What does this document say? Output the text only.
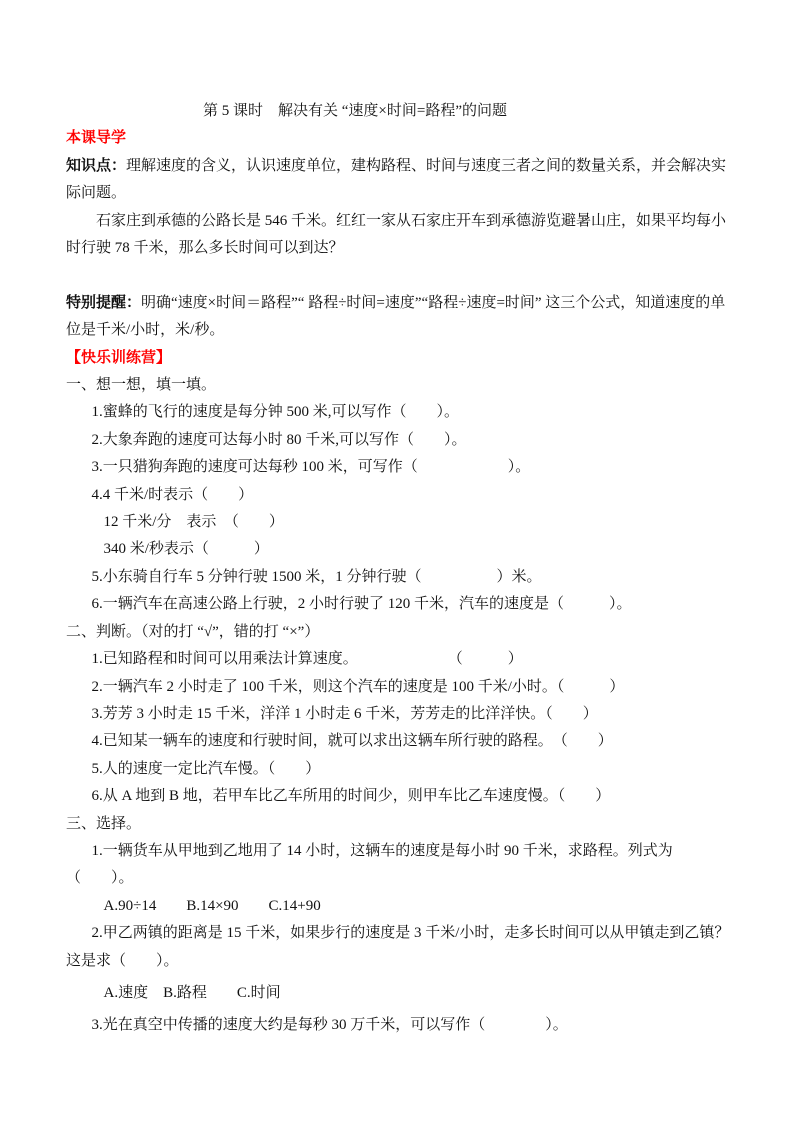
第 5 课时　解决有关 “速度×时间=路程”的问题
本课导学
知识点：理解速度的含义，认识速度单位，建构路程、时间与速度三者之间的数量关系，并会解决实际问题。
石家庄到承德的公路长是 546 千米。红红一家从石家庄开车到承德游览避暑山庄，如果平均每小时行驶 78 千米，那么多长时间可以到达？
特别提醒：明确“速度×时间＝路程”“ 路程÷时间=速度”“路程÷速度=时间” 这三个公式，知道速度的单位是千米/小时，米/秒。
【快乐训练营】
一、想一想，填一填。
1.蜜蜂的飞行的速度是每分钟 500 米,可以写作（　　）。
2.大象奔跑的速度可达每小时 80 千米,可以写作（　　）。
3.一只猎狗奔跑的速度可达每秒 100 米，可写作（　　　　　　）。
4.4 千米/时表示（　　）
12 千米/分　表示　（　　）
340 米/秒表示（　　　）
5.小东骑自行车 5 分钟行驶 1500 米，1 分钟行驶（　　　　　）米。
6.一辆汽车在高速公路上行驶，2 小时行驶了 120 千米，汽车的速度是（　　　）。
二、判断。（对的打 “√”，错的打 “×”）
1.已知路程和时间可以用乘法计算速度。　　　　　　　（　　　）
2.一辆汽车 2 小时走了 100 千米，则这个汽车的速度是 100 千米/小时。（　　　）
3.芳芳 3 小时走 15 千米，洋洋 1 小时走 6 千米，芳芳走的比洋洋快。（　　）
4.已知某一辆车的速度和行驶时间，就可以求出这辆车所行驶的路程。　（　　）
5.人的速度一定比汽车慢。（　　）
6.从 A 地到 B 地，若甲车比乙车所用的时间少，则甲车比乙车速度慢。（　　）
三、选择。
1.一辆货车从甲地到乙地用了 14 小时，这辆车的速度是每小时 90 千米，求路程。列式为（　　）。
A.90÷14　　B.14×90　　C.14+90
2.甲乙两镇的距离是 15 千米，如果步行的速度是 3 千米/小时，走多长时间可以从甲镇走到乙镇？这是求（　　）。
A.速度　B.路程　　C.时间
3.光在真空中传播的速度大约是每秒 30 万千米，可以写作（　　　　）。
